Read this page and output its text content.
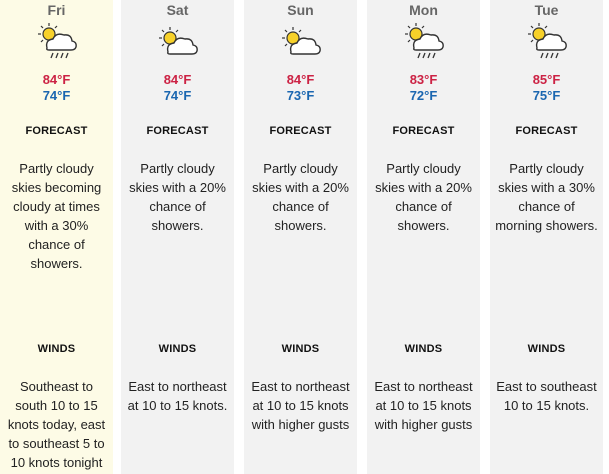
Fri
84°F
74°F
FORECAST
Partly cloudy
skies becoming
cloudy at times
with a 30%
chance of
showers.
WINDS
Southeast to
south 10 to 15
knots today, east
to southeast 5 to
10 knots tonight
Sat
84°F
74°F
FORECAST
Partly cloudy
skies with a 20%
chance of
showers.
WINDS
East to northeast
at 10 to 15 knots.
Sun
84°F
73°F
FORECAST
Partly cloudy
skies with a 20%
chance of
showers.
WINDS
East to northeast
at 10 to 15 knots
with higher gusts
Mon
83°F
72°F
FORECAST
Partly cloudy
skies with a 20%
chance of
showers.
WINDS
East to northeast
at 10 to 15 knots
with higher gusts
Tue
85°F
75°F
FORECAST
Partly cloudy
skies with a 30%
chance of
morning showers.
WINDS
East to southeast
10 to 15 knots.
